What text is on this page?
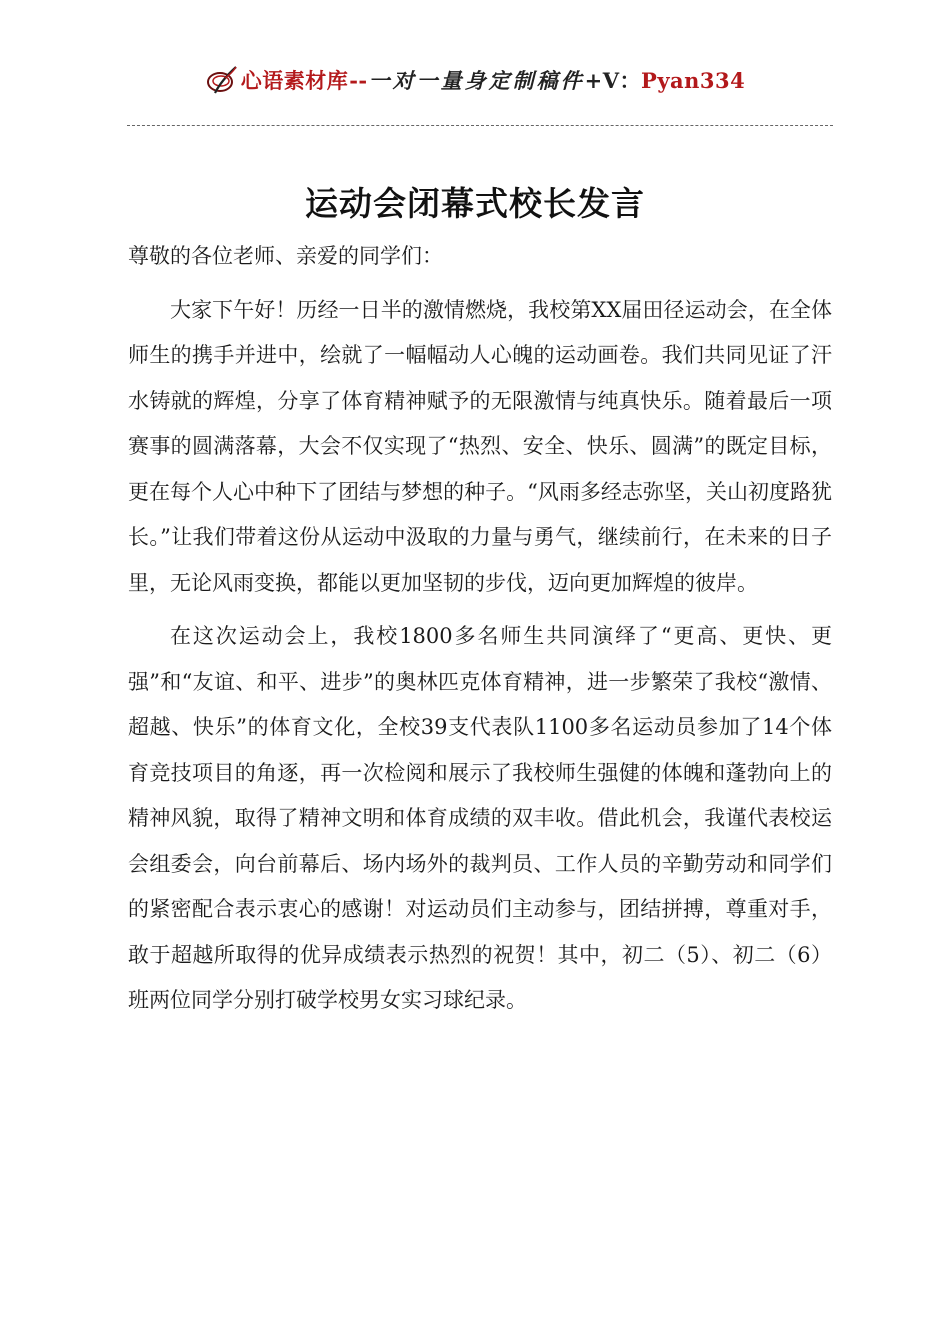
心语素材库--一对一量身定制稿件+V：Pyan334
运动会闭幕式校长发言

尊敬的各位老师、亲爱的同学们：

大家下午好！历经一日半的激情燃烧，我校第XX届田径运动会，在全体师生的携手并进中，绘就了一幅幅动人心魄的运动画卷。我们共同见证了汗水铸就的辉煌，分享了体育精神赋予的无限激情与纯真快乐。随着最后一项赛事的圆满落幕，大会不仅实现了“热烈、安全、快乐、圆满”的既定目标，更在每个人心中种下了团结与梦想的种子。“风雨多经志弥坚，关山初度路犹长。”让我们带着这份从运动中汲取的力量与勇气，继续前行，在未来的日子里，无论风雨变换，都能以更加坚韧的步伐，迈向更加辉煌的彼岸。

在这次运动会上，我校1800多名师生共同演绎了“更高、更快、更强”和“友谊、和平、进步”的奥林匹克体育精神，进一步繁荣了我校“激情、超越、快乐”的体育文化，全校39支代表队1100多名运动员参加了14个体育竞技项目的角逐，再一次检阅和展示了我校师生强健的体魄和蓬勃向上的精神风貌，取得了精神文明和体育成绩的双丰收。借此机会，我谨代表校运会组委会，向台前幕后、场内场外的裁判员、工作人员的辛勤劳动和同学们的紧密配合表示衷心的感谢！对运动员们主动参与，团结拼搏，尊重对手，敢于超越所取得的优异成绩表示热烈的祝贺！其中，初二（5）、初二（6）班两位同学分别打破学校男女实习球纪录。
